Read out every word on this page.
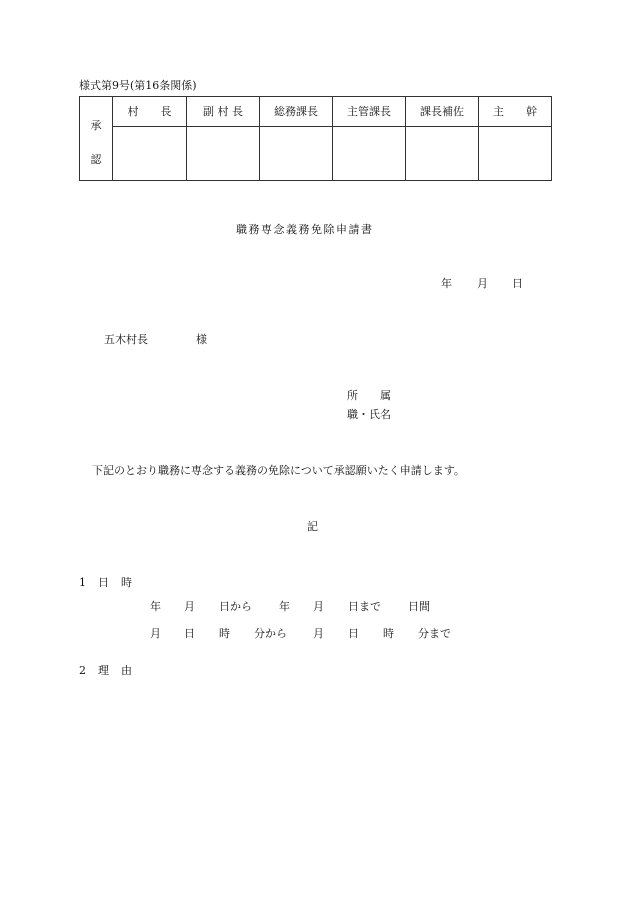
様式第9号(第16条関係)
承
認
村　　長	副 村 長	総務課長	主管課長	課長補佐	主　　幹
職務専念義務免除申請書
年 月 日
五木村長	様
所　　属
職・氏名
下記のとおり職務に専念する義務の免除について承認願いたく申請します。
記
1　日　時
年 月 日から 年 月 日まで 日間
月 日 時 分から 月 日 時 分まで
2　理　由
